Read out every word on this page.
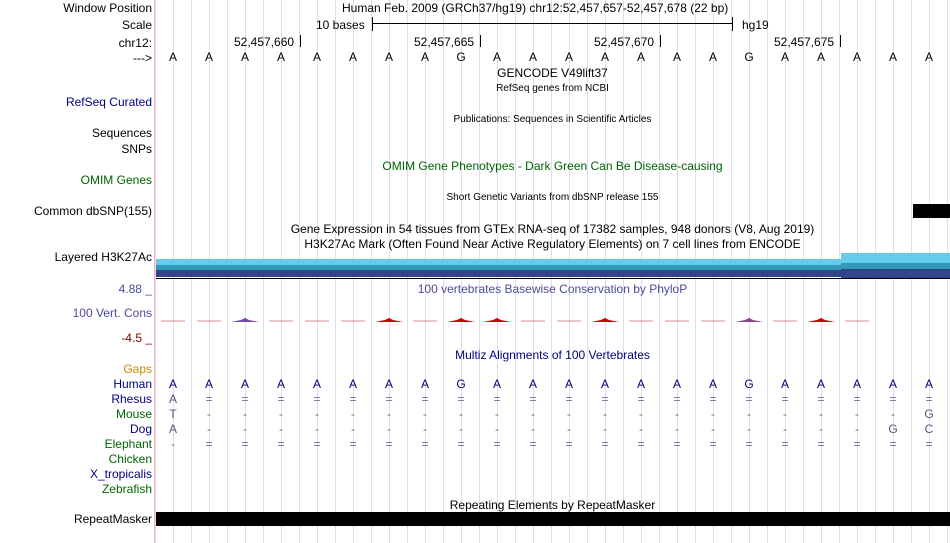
Window Position
Scale
chr12:
--->
RefSeq Curated
Sequences
SNPs
OMIM Genes
Common dbSNP(155)
Layered H3K27Ac
4.88 _
100 Vert. Cons
-4.5 _
Gaps
RepeatMasker
Human Feb. 2009 (GRCh37/hg19) chr12:52,457,657-52,457,678 (22 bp)
10 bases	hg19
52,457,660	52,457,665	52,457,670	52,457,675
A	A	A	A	A	A	A	A	G	A	A	A	A	A	A	A	G	A	A	A	A	A
GENCODE V49lift37
RefSeq genes from NCBI
Publications: Sequences in Scientific Articles
OMIM Gene Phenotypes - Dark Green Can Be Disease-causing
Short Genetic Variants from dbSNP release 155
Gene Expression in 54 tissues from GTEx RNA-seq of 17382 samples, 948 donors (V8, Aug 2019)
H3K27Ac Mark (Often Found Near Active Regulatory Elements) on 7 cell lines from ENCODE
100 vertebrates Basewise Conservation by PhyloP
Multiz Alignments of 100 Vertebrates
Human	A	A	A	A	A	A	A	A	G	A	A	A	A	A	A	A	G	A	A	A	A	A
Rhesus	A	=	=	=	=	=	=	=	=	=	=	=	=	=	=	=	=	=	=	=	=	=
Mouse	T	-	-	-	-	-	-	-	-	-	-	-	-	-	-	-	-	-	-	-	-	G
Dog	A	-	-	-	-	-	-	-	-	-	-	-	-	-	-	-	-	-	-	-	G	C
Elephant	-	=	=	=	=	=	=	=	=	=	=	=	=	=	=	=	=	=	=	=	=	=
Chicken
X_tropicalis
Zebrafish
Repeating Elements by RepeatMasker
